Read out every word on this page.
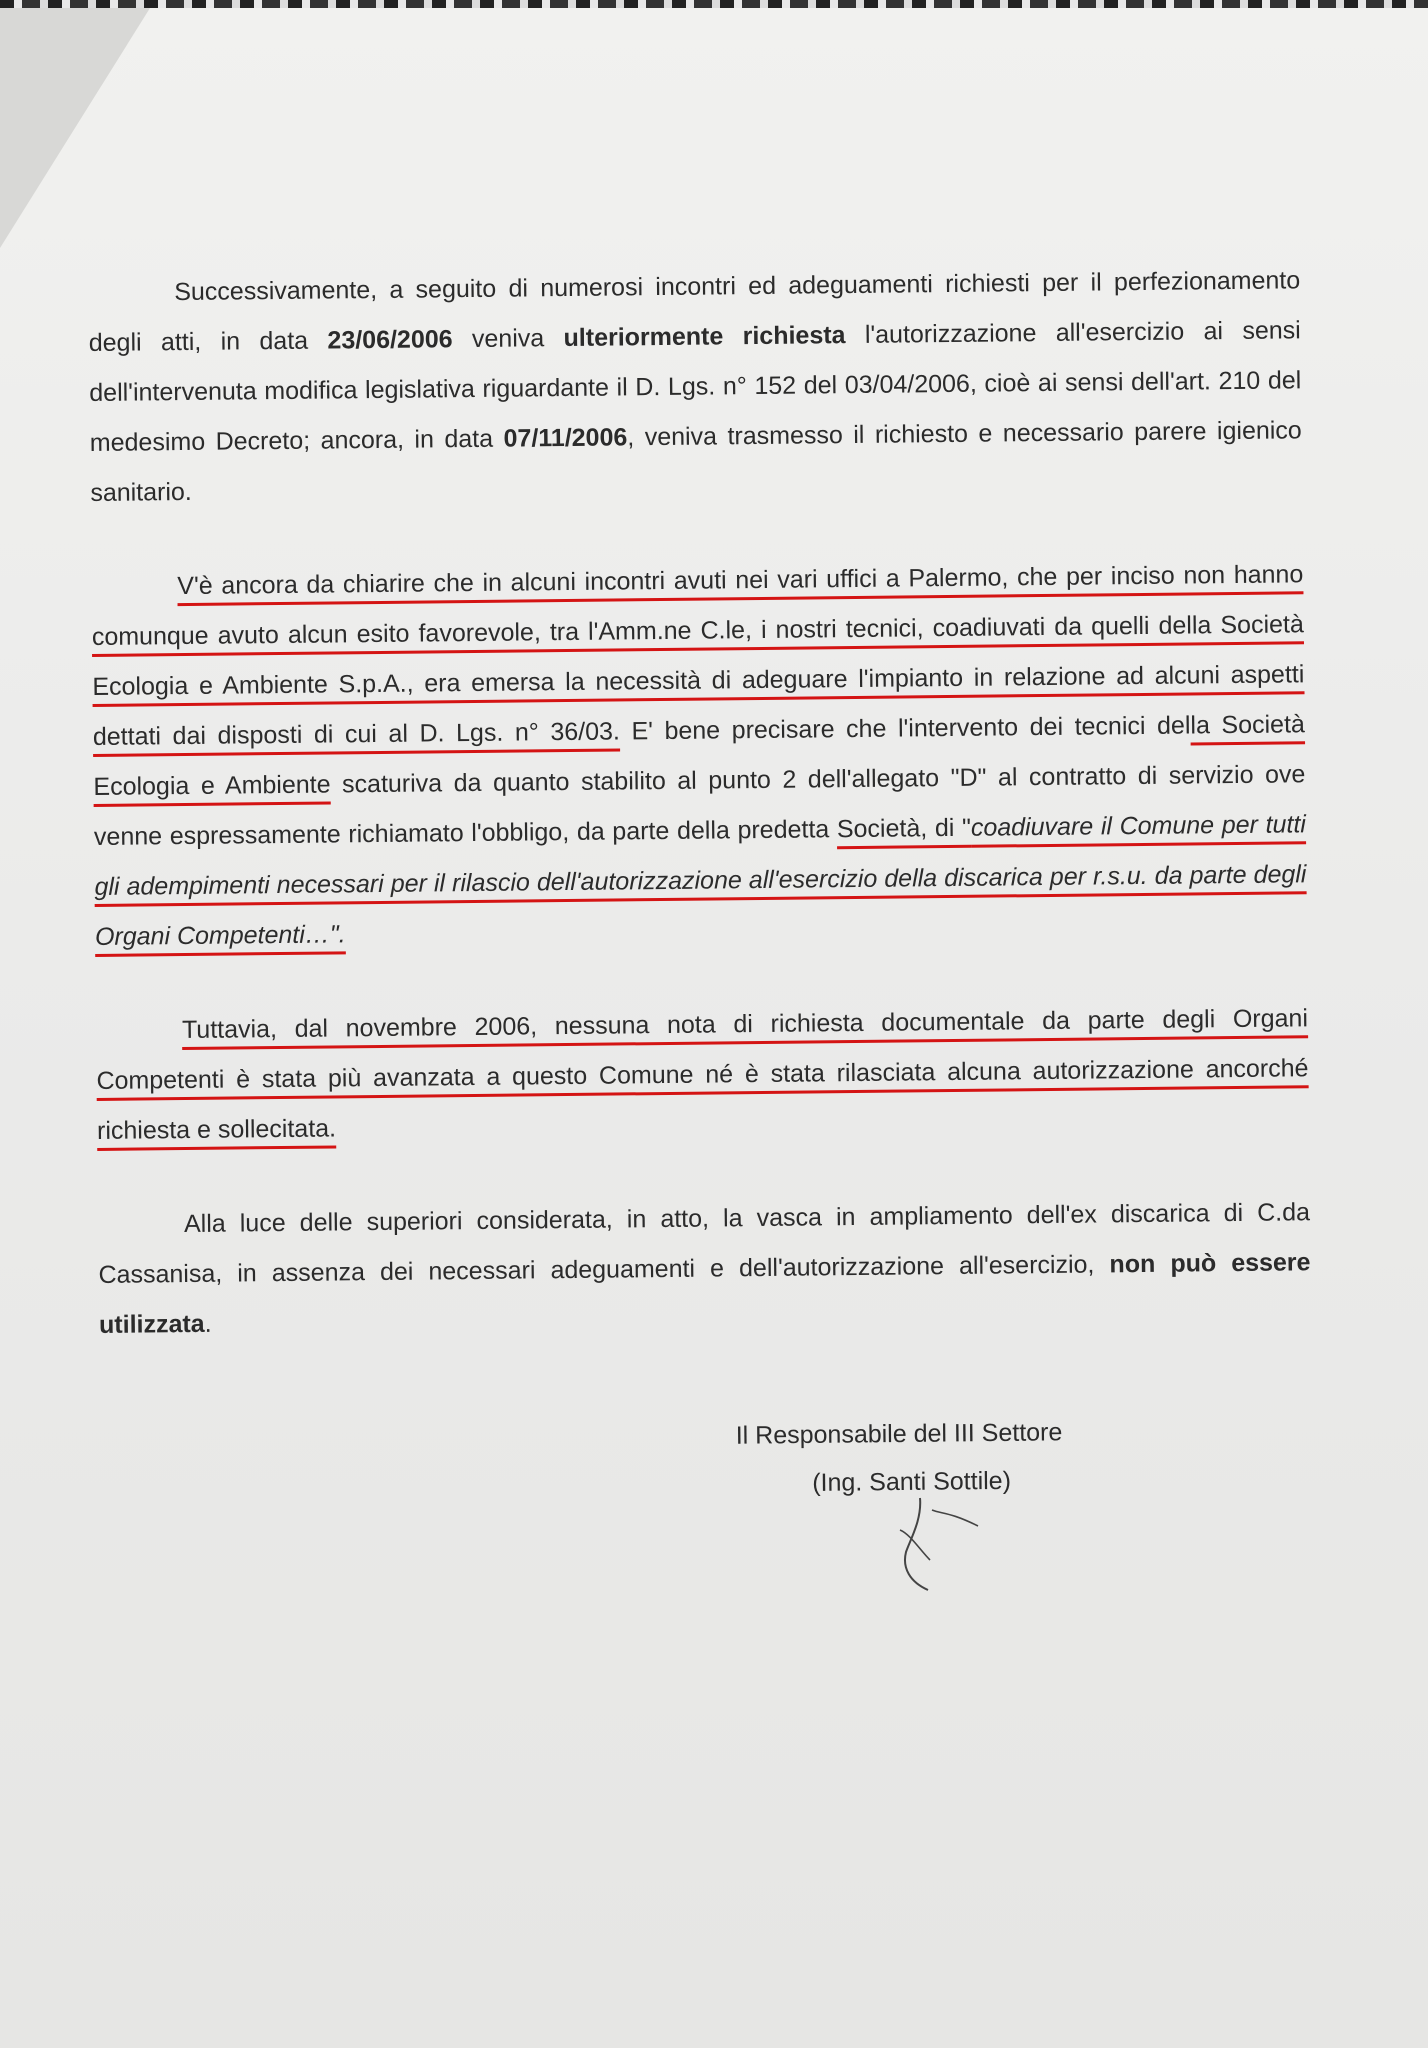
Successivamente, a seguito di numerosi incontri ed adeguamenti richiesti per il perfezionamento degli atti, in data 23/06/2006 veniva ulteriormente richiesta l'autorizzazione all'esercizio ai sensi dell'intervenuta modifica legislativa riguardante il D. Lgs. n° 152 del 03/04/2006, cioè ai sensi dell'art. 210 del medesimo Decreto; ancora, in data 07/11/2006, veniva trasmesso il richiesto e necessario parere igienico sanitario.

V'è ancora da chiarire che in alcuni incontri avuti nei vari uffici a Palermo, che per inciso non hanno comunque avuto alcun esito favorevole, tra l'Amm.ne C.le, i nostri tecnici, coadiuvati da quelli della Società Ecologia e Ambiente S.p.A., era emersa la necessità di adeguare l'impianto in relazione ad alcuni aspetti dettati dai disposti di cui al D. Lgs. n° 36/03. E' bene precisare che l'intervento dei tecnici della Società Ecologia e Ambiente scaturiva da quanto stabilito al punto 2 dell'allegato "D" al contratto di servizio ove venne espressamente richiamato l'obbligo, da parte della predetta Società, di "coadiuvare il Comune per tutti gli adempimenti necessari per il rilascio dell'autorizzazione all'esercizio della discarica per r.s.u. da parte degli Organi Competenti…".

Tuttavia, dal novembre 2006, nessuna nota di richiesta documentale da parte degli Organi Competenti è stata più avanzata a questo Comune né è stata rilasciata alcuna autorizzazione ancorché richiesta e sollecitata.

Alla luce delle superiori considerata, in atto, la vasca in ampliamento dell'ex discarica di C.da Cassanisa, in assenza dei necessari adeguamenti e dell'autorizzazione all'esercizio, non può essere utilizzata.

Il Responsabile del III Settore
(Ing. Santi Sottile)
